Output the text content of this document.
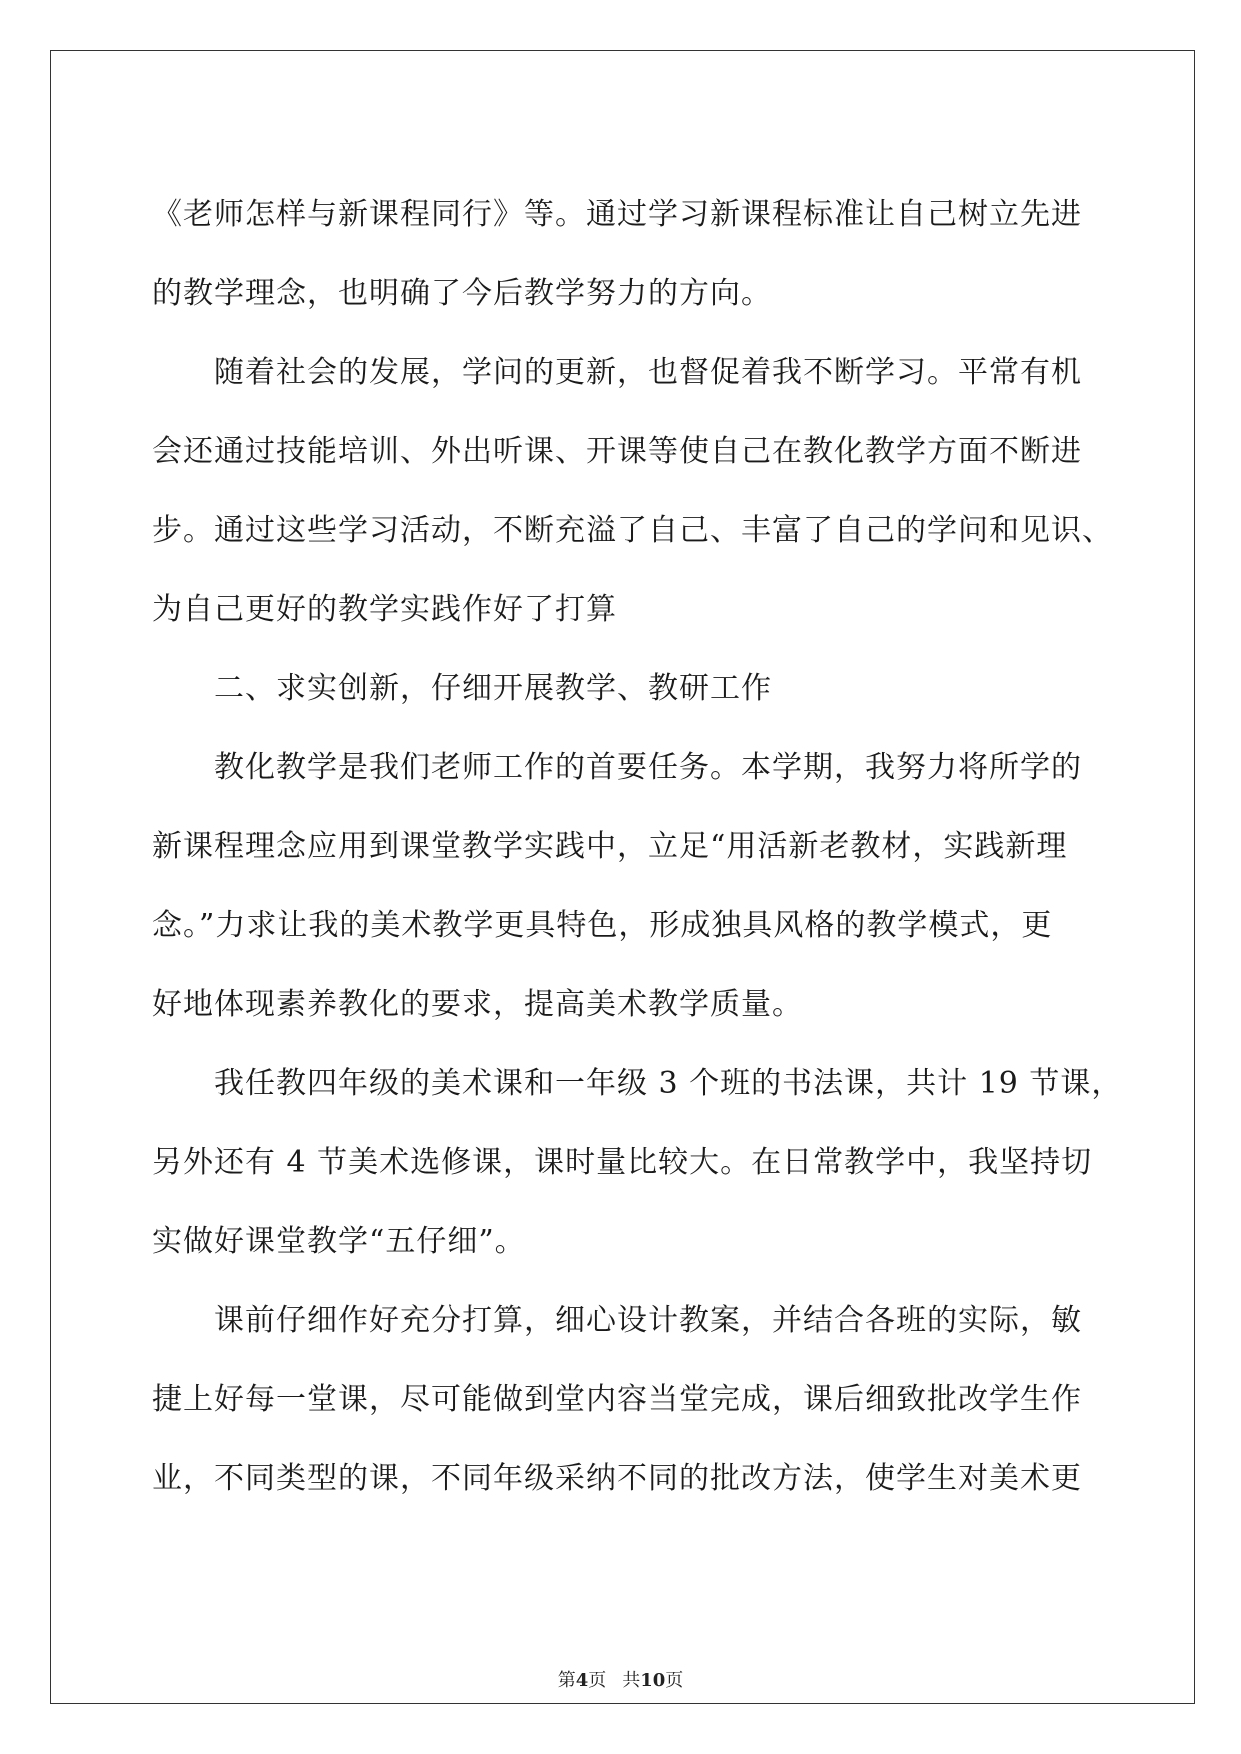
《老师怎样与新课程同行》等。通过学习新课程标准让自己树立先进

的教学理念，也明确了今后教学努力的方向。

随着社会的发展，学问的更新，也督促着我不断学习。平常有机

会还通过技能培训、外出听课、开课等使自己在教化教学方面不断进

步。通过这些学习活动，不断充溢了自己、丰富了自己的学问和见识、

为自己更好的教学实践作好了打算

二、求实创新，仔细开展教学、教研工作

教化教学是我们老师工作的首要任务。本学期，我努力将所学的

新课程理念应用到课堂教学实践中，立足“用活新老教材，实践新理

念。”力求让我的美术教学更具特色，形成独具风格的教学模式，更

好地体现素养教化的要求，提高美术教学质量。

我任教四年级的美术课和一年级 3 个班的书法课，共计 19 节课，

另外还有 4 节美术选修课，课时量比较大。在日常教学中，我坚持切

实做好课堂教学“五仔细”。

课前仔细作好充分打算，细心设计教案，并结合各班的实际，敏

捷上好每一堂课，尽可能做到堂内容当堂完成，课后细致批改学生作

业，不同类型的课，不同年级采纳不同的批改方法，使学生对美术更

第4页 共10页
